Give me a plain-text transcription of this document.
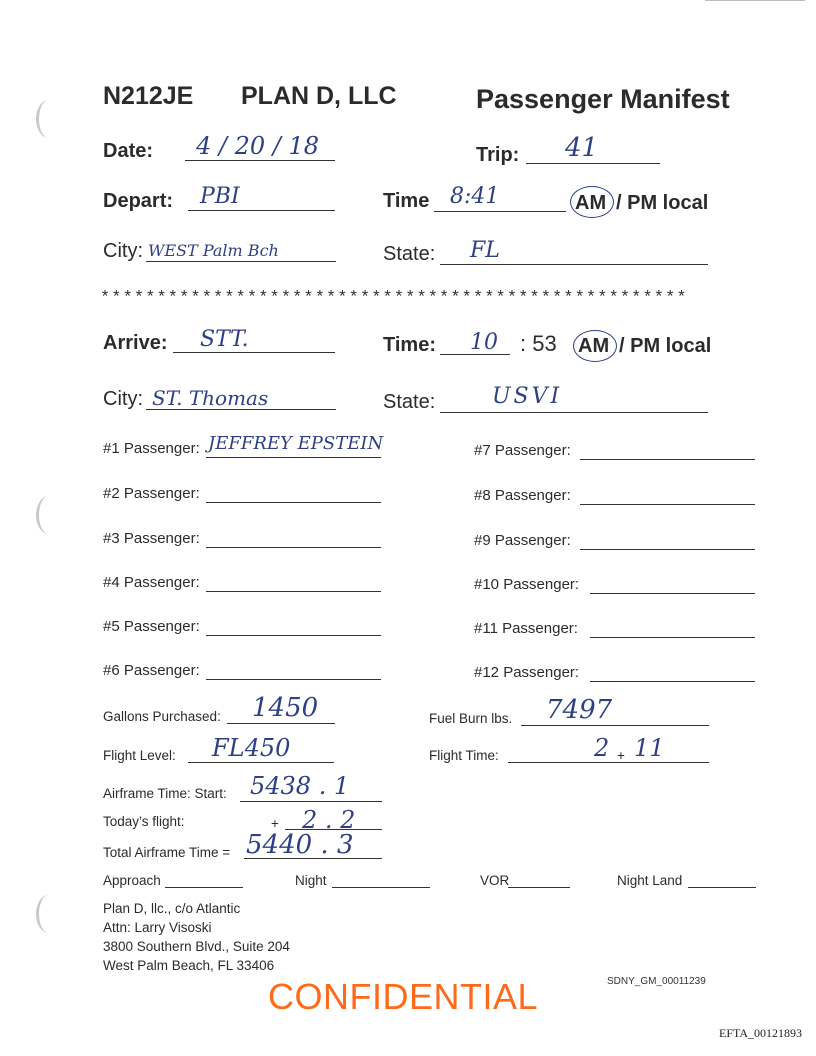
N212JE PLAN D, LLC	Passenger Manifest
Date: 4 / 20 / 18	Trip: 41
Depart: PBI	Time 8:41	AM / PM local
City: WEST Palm Bch	State: FL
****************************************************
Arrive: STT.	Time: 10 : 53 AM / PM local
City: ST. Thomas	State:	USVI
#1 Passenger: JEFFREY EPSTEIN
#2 Passenger:
#3 Passenger:
#4 Passenger:
#5 Passenger:
#6 Passenger:
#7 Passenger:
#8 Passenger:
#9 Passenger:
#10 Passenger:
#11 Passenger:
#12 Passenger:
Gallons Purchased: 1450	Fuel Burn lbs. 7497
Flight Level: FL450	Flight Time:	2 + 11
Airframe Time: Start: 5438 . 1
Today’s flight:	+ 2 . 2
Total Airframe Time = 5440 . 3
Approach	Night	VOR	Night Land
Plan D, llc., c/o Atlantic
Attn: Larry Visoski
3800 Southern Blvd., Suite 204
West Palm Beach, FL 33406
SDNY_GM_00011239
CONFIDENTIAL
EFTA_00121893
